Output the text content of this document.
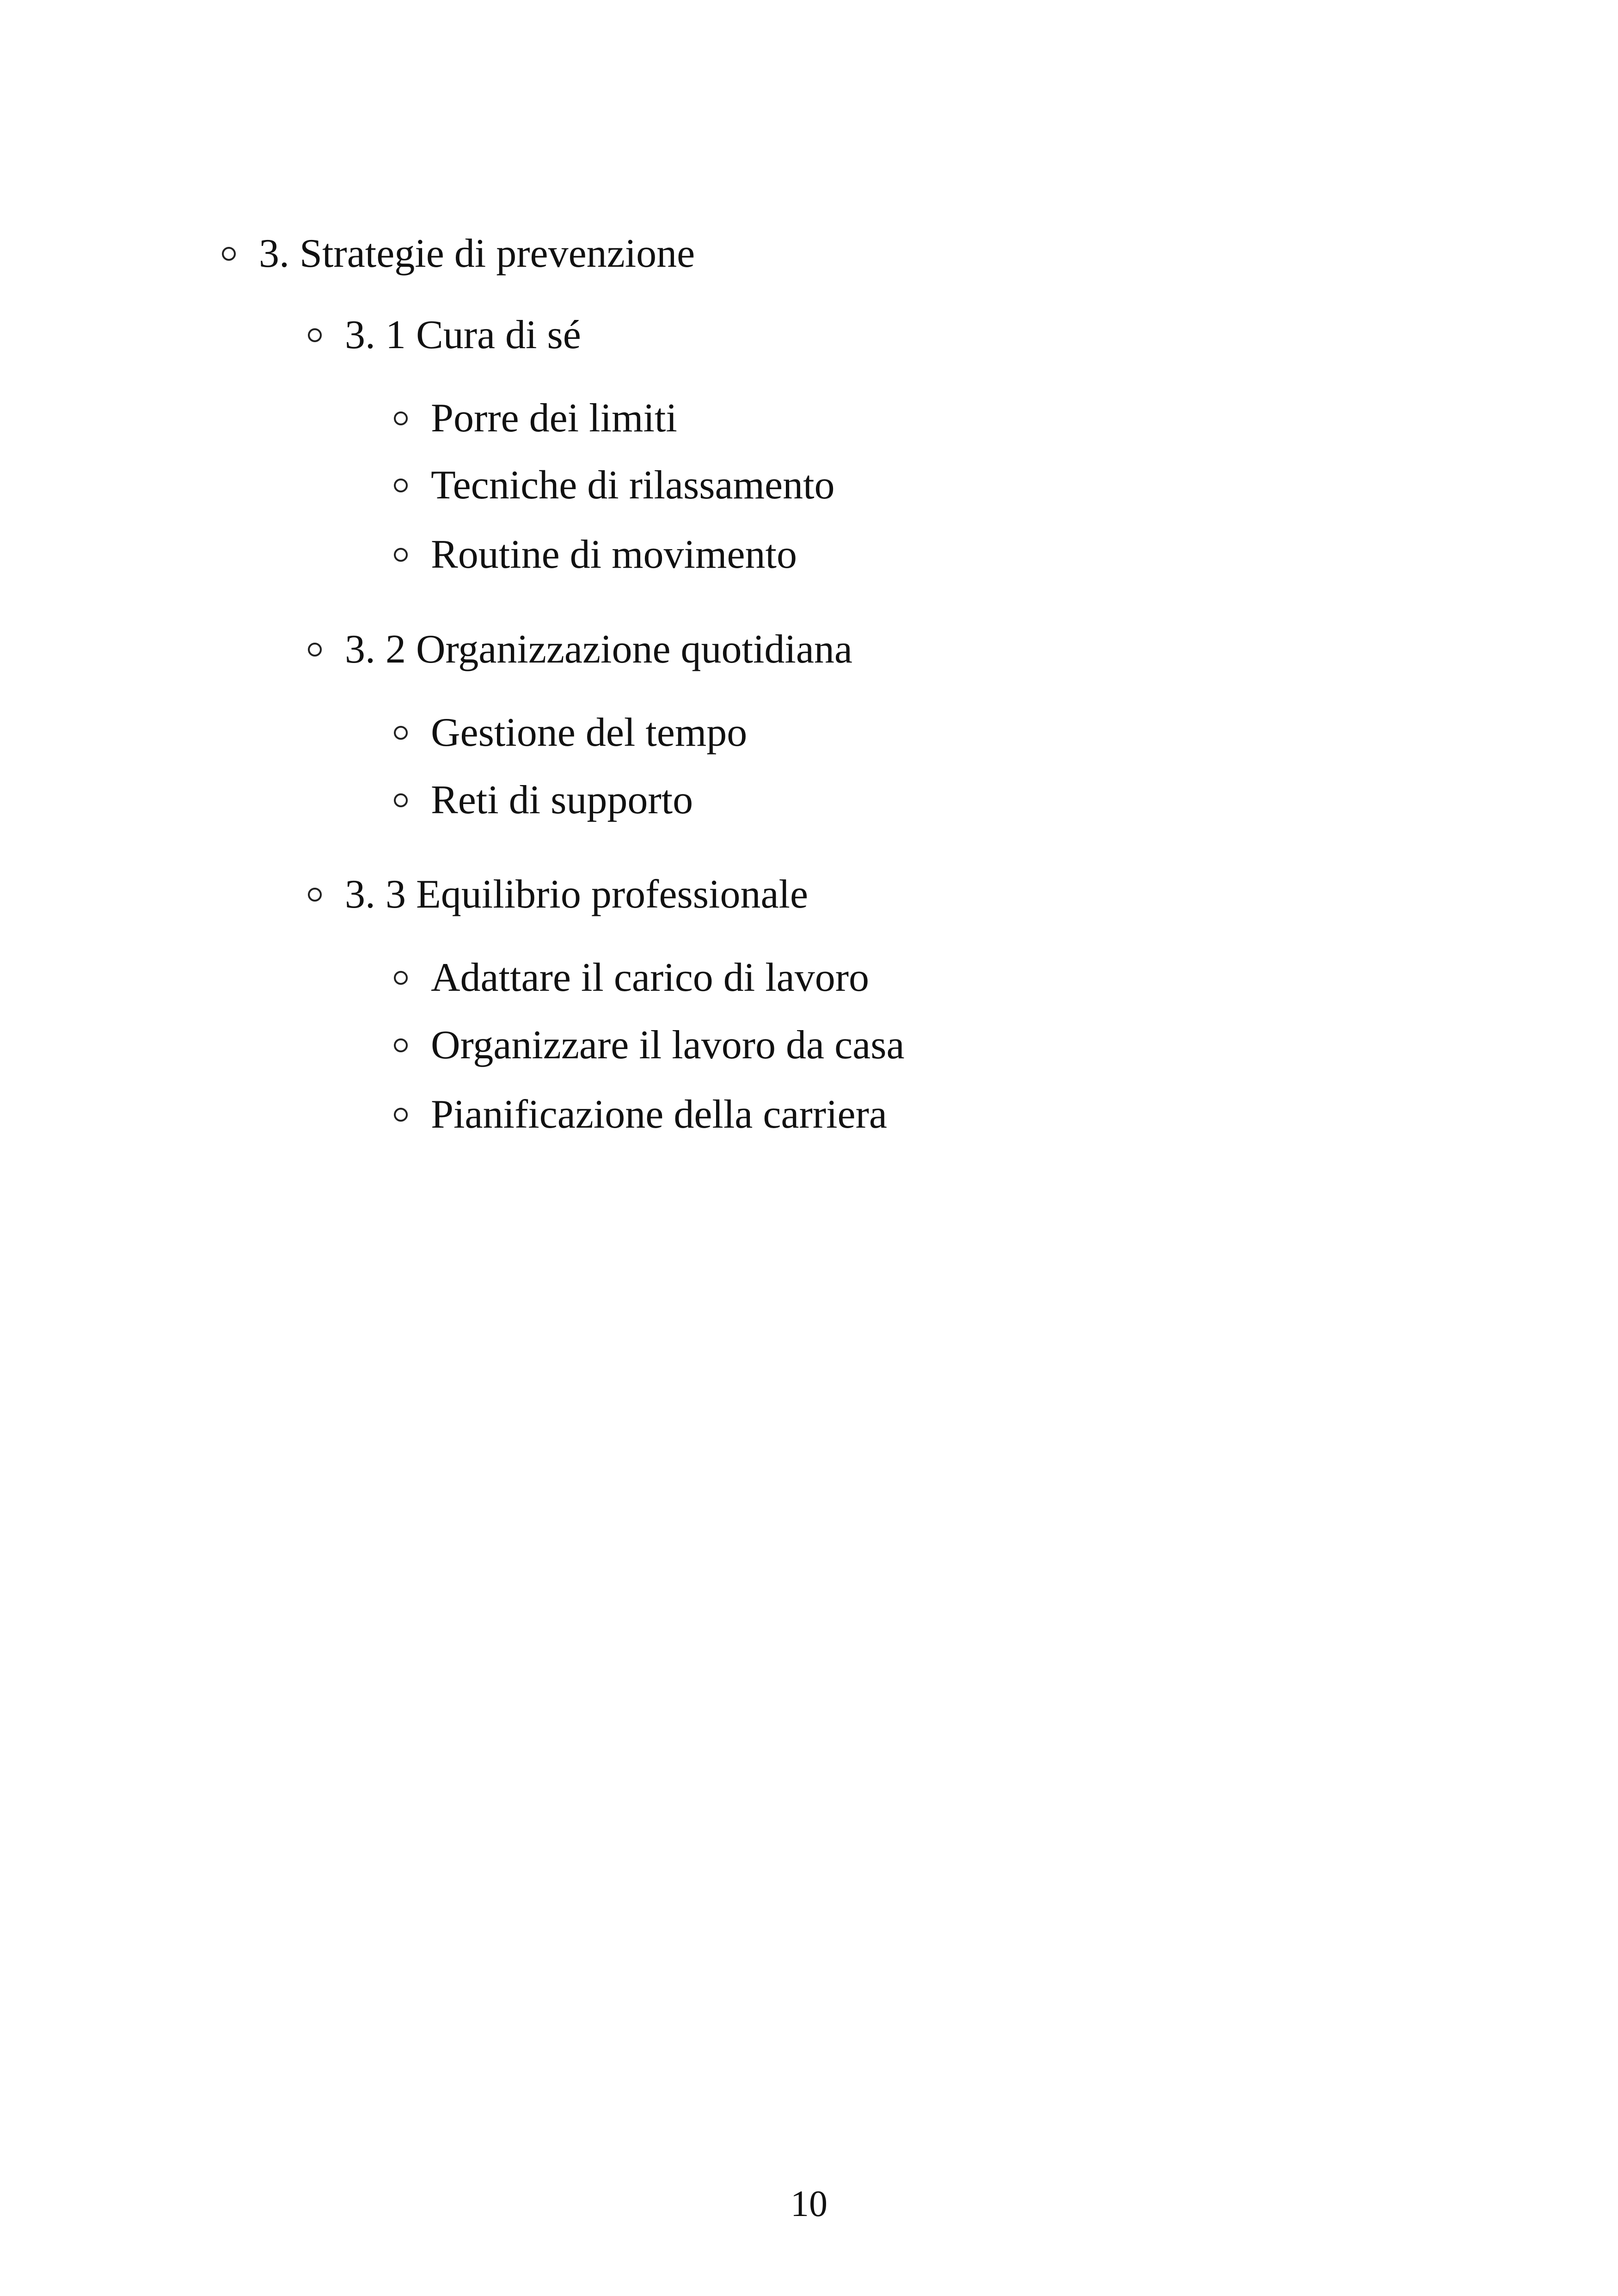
3. Strategie di prevenzione
3. 1 Cura di sé
Porre dei limiti
Tecniche di rilassamento
Routine di movimento
3. 2 Organizzazione quotidiana
Gestione del tempo
Reti di supporto
3. 3 Equilibrio professionale
Adattare il carico di lavoro
Organizzare il lavoro da casa
Pianificazione della carriera
10
